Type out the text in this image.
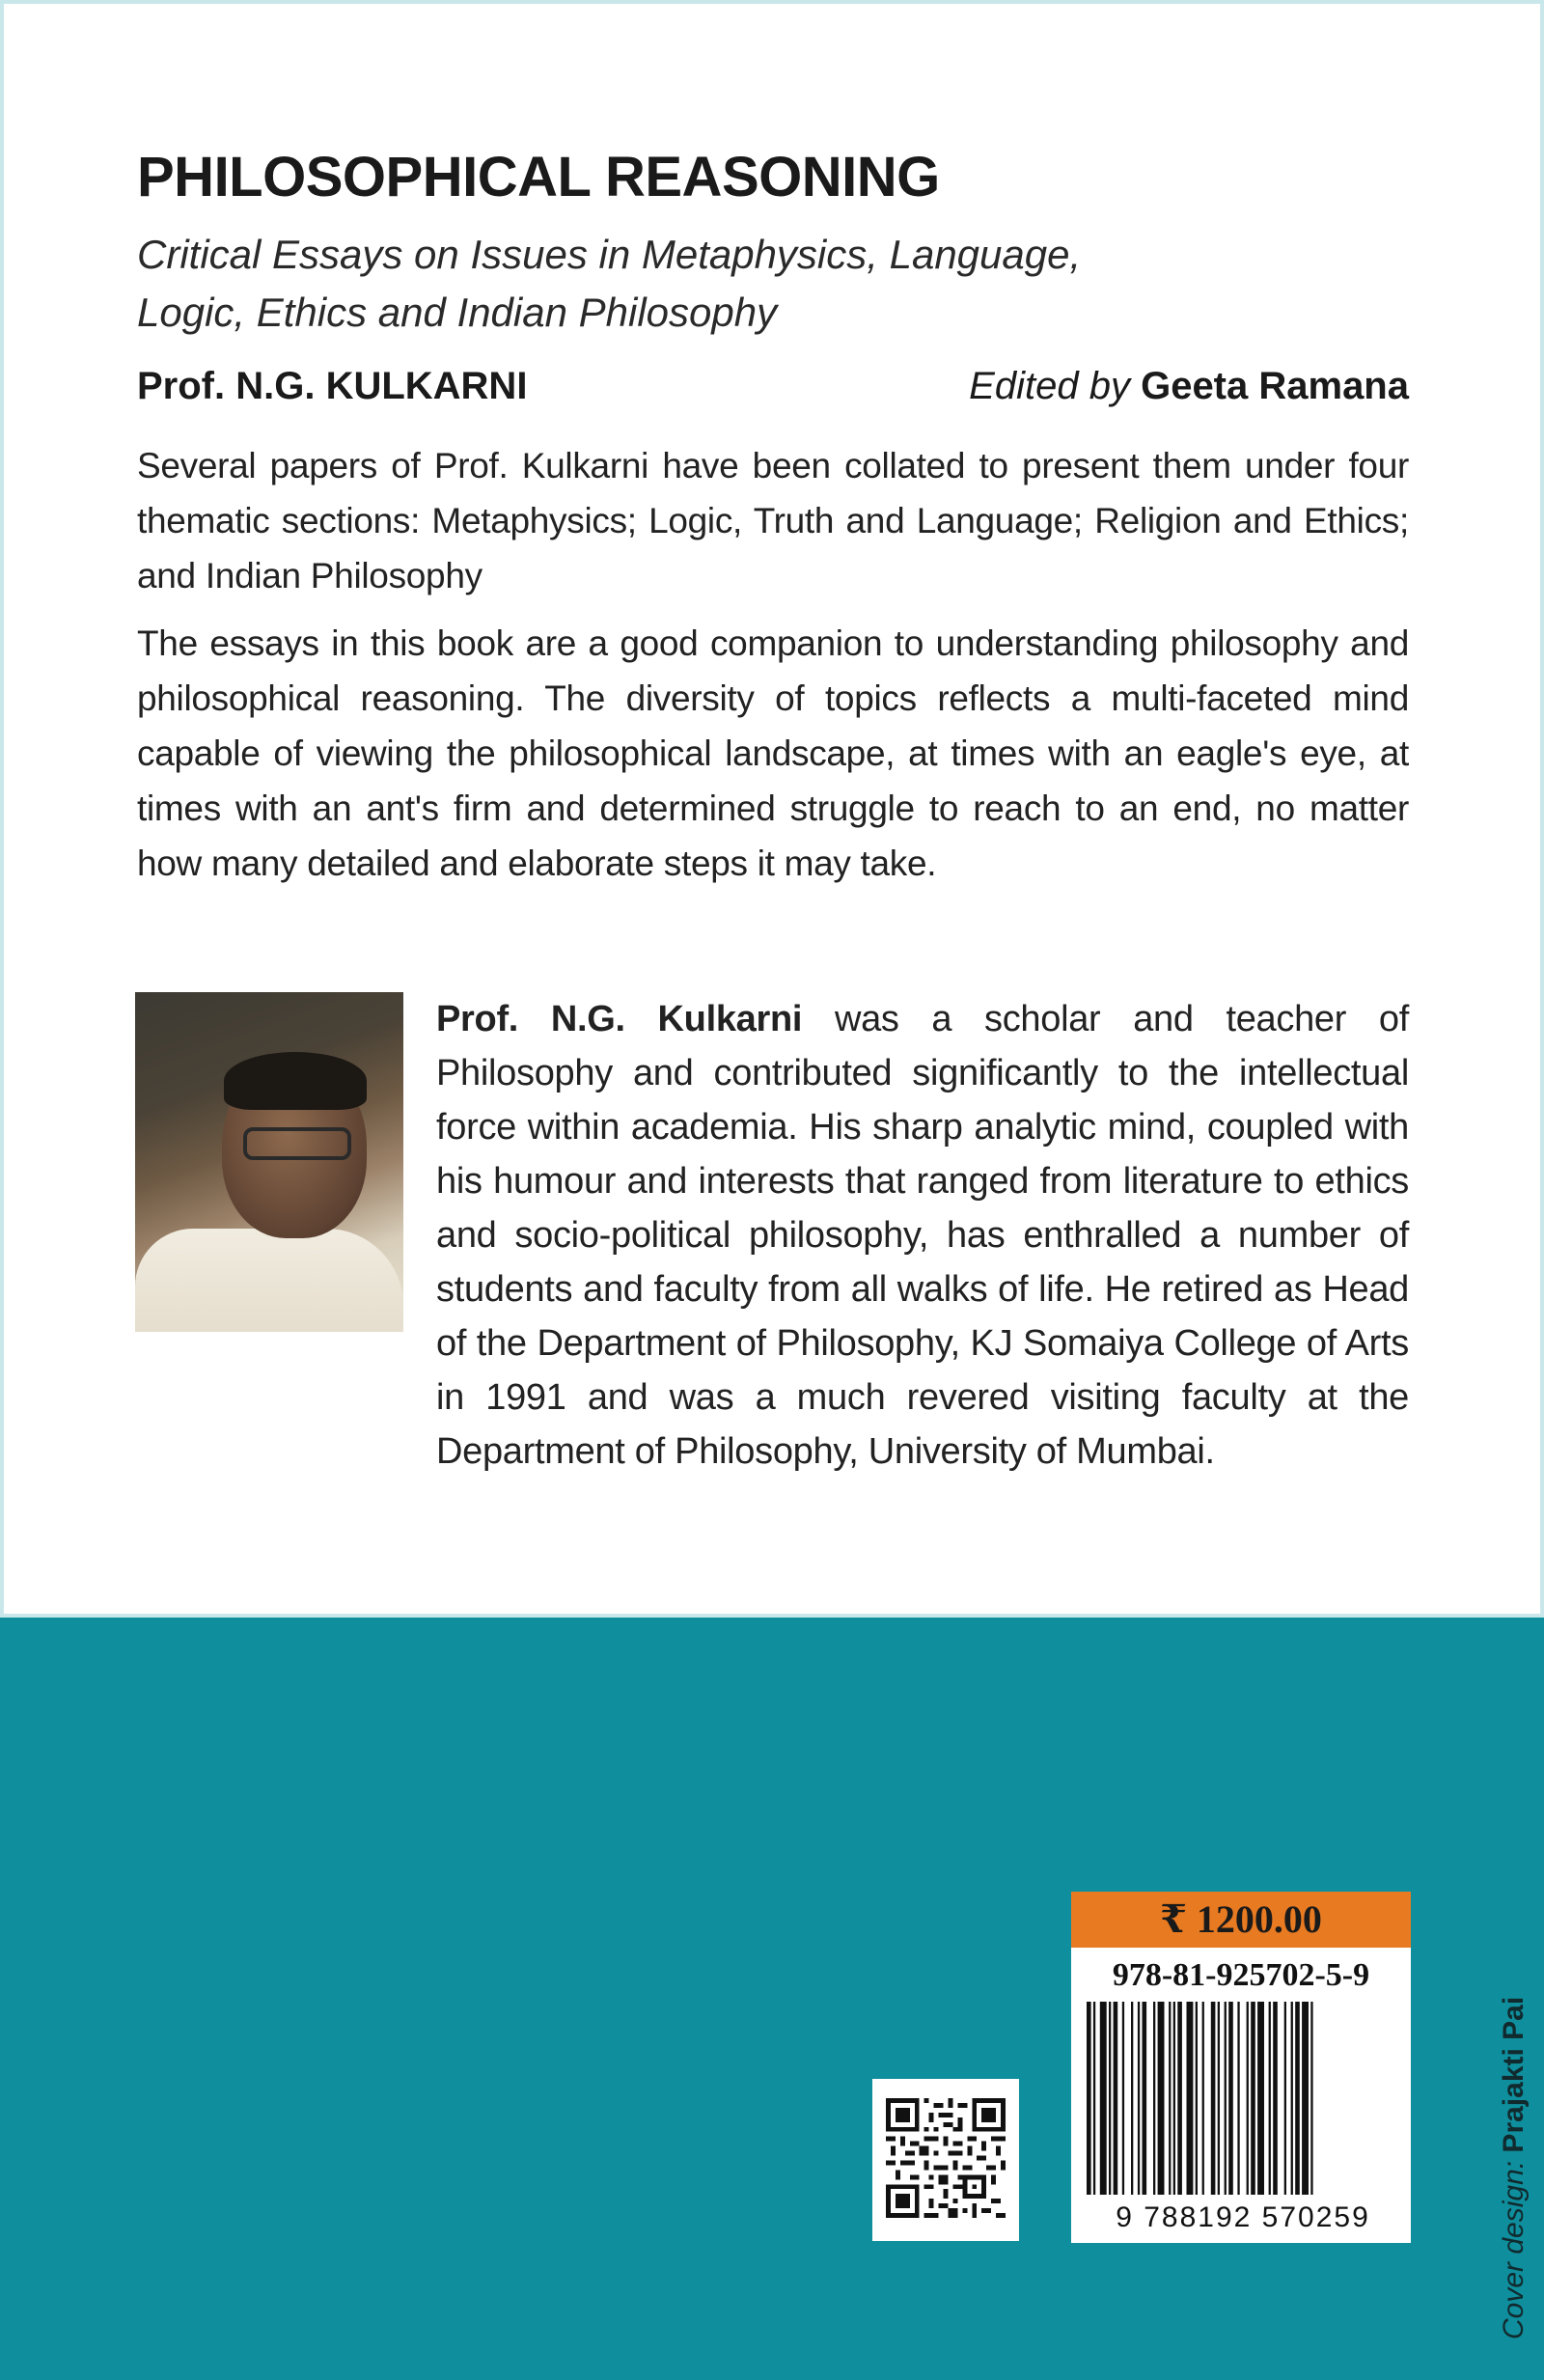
PHILOSOPHICAL REASONING

Critical Essays on Issues in Metaphysics, Language, Logic, Ethics and Indian Philosophy

Prof. N.G. KULKARNI	Edited by Geeta Ramana

Several papers of Prof. Kulkarni have been collated to present them under four thematic sections: Metaphysics; Logic, Truth and Language; Religion and Ethics; and Indian Philosophy

The essays in this book are a good companion to understanding philosophy and philosophical reasoning. The diversity of topics reflects a multi-faceted mind capable of viewing the philosophical landscape, at times with an eagle's eye, at times with an ant's firm and determined struggle to reach to an end, no matter how many detailed and elaborate steps it may take.

Prof. N.G. Kulkarni was a scholar and teacher of Philosophy and contributed significantly to the intellectual force within academia. His sharp analytic mind, coupled with his humour and interests that ranged from literature to ethics and socio-political philosophy, has enthralled a number of students and faculty from all walks of life. He retired as Head of the Department of Philosophy, KJ Somaiya College of Arts in 1991 and was a much revered visiting faculty at the Department of Philosophy, University of Mumbai.

₹ 1200.00
978-81-925702-5-9
9 788192 570259	Cover design: Prajakti Pai
